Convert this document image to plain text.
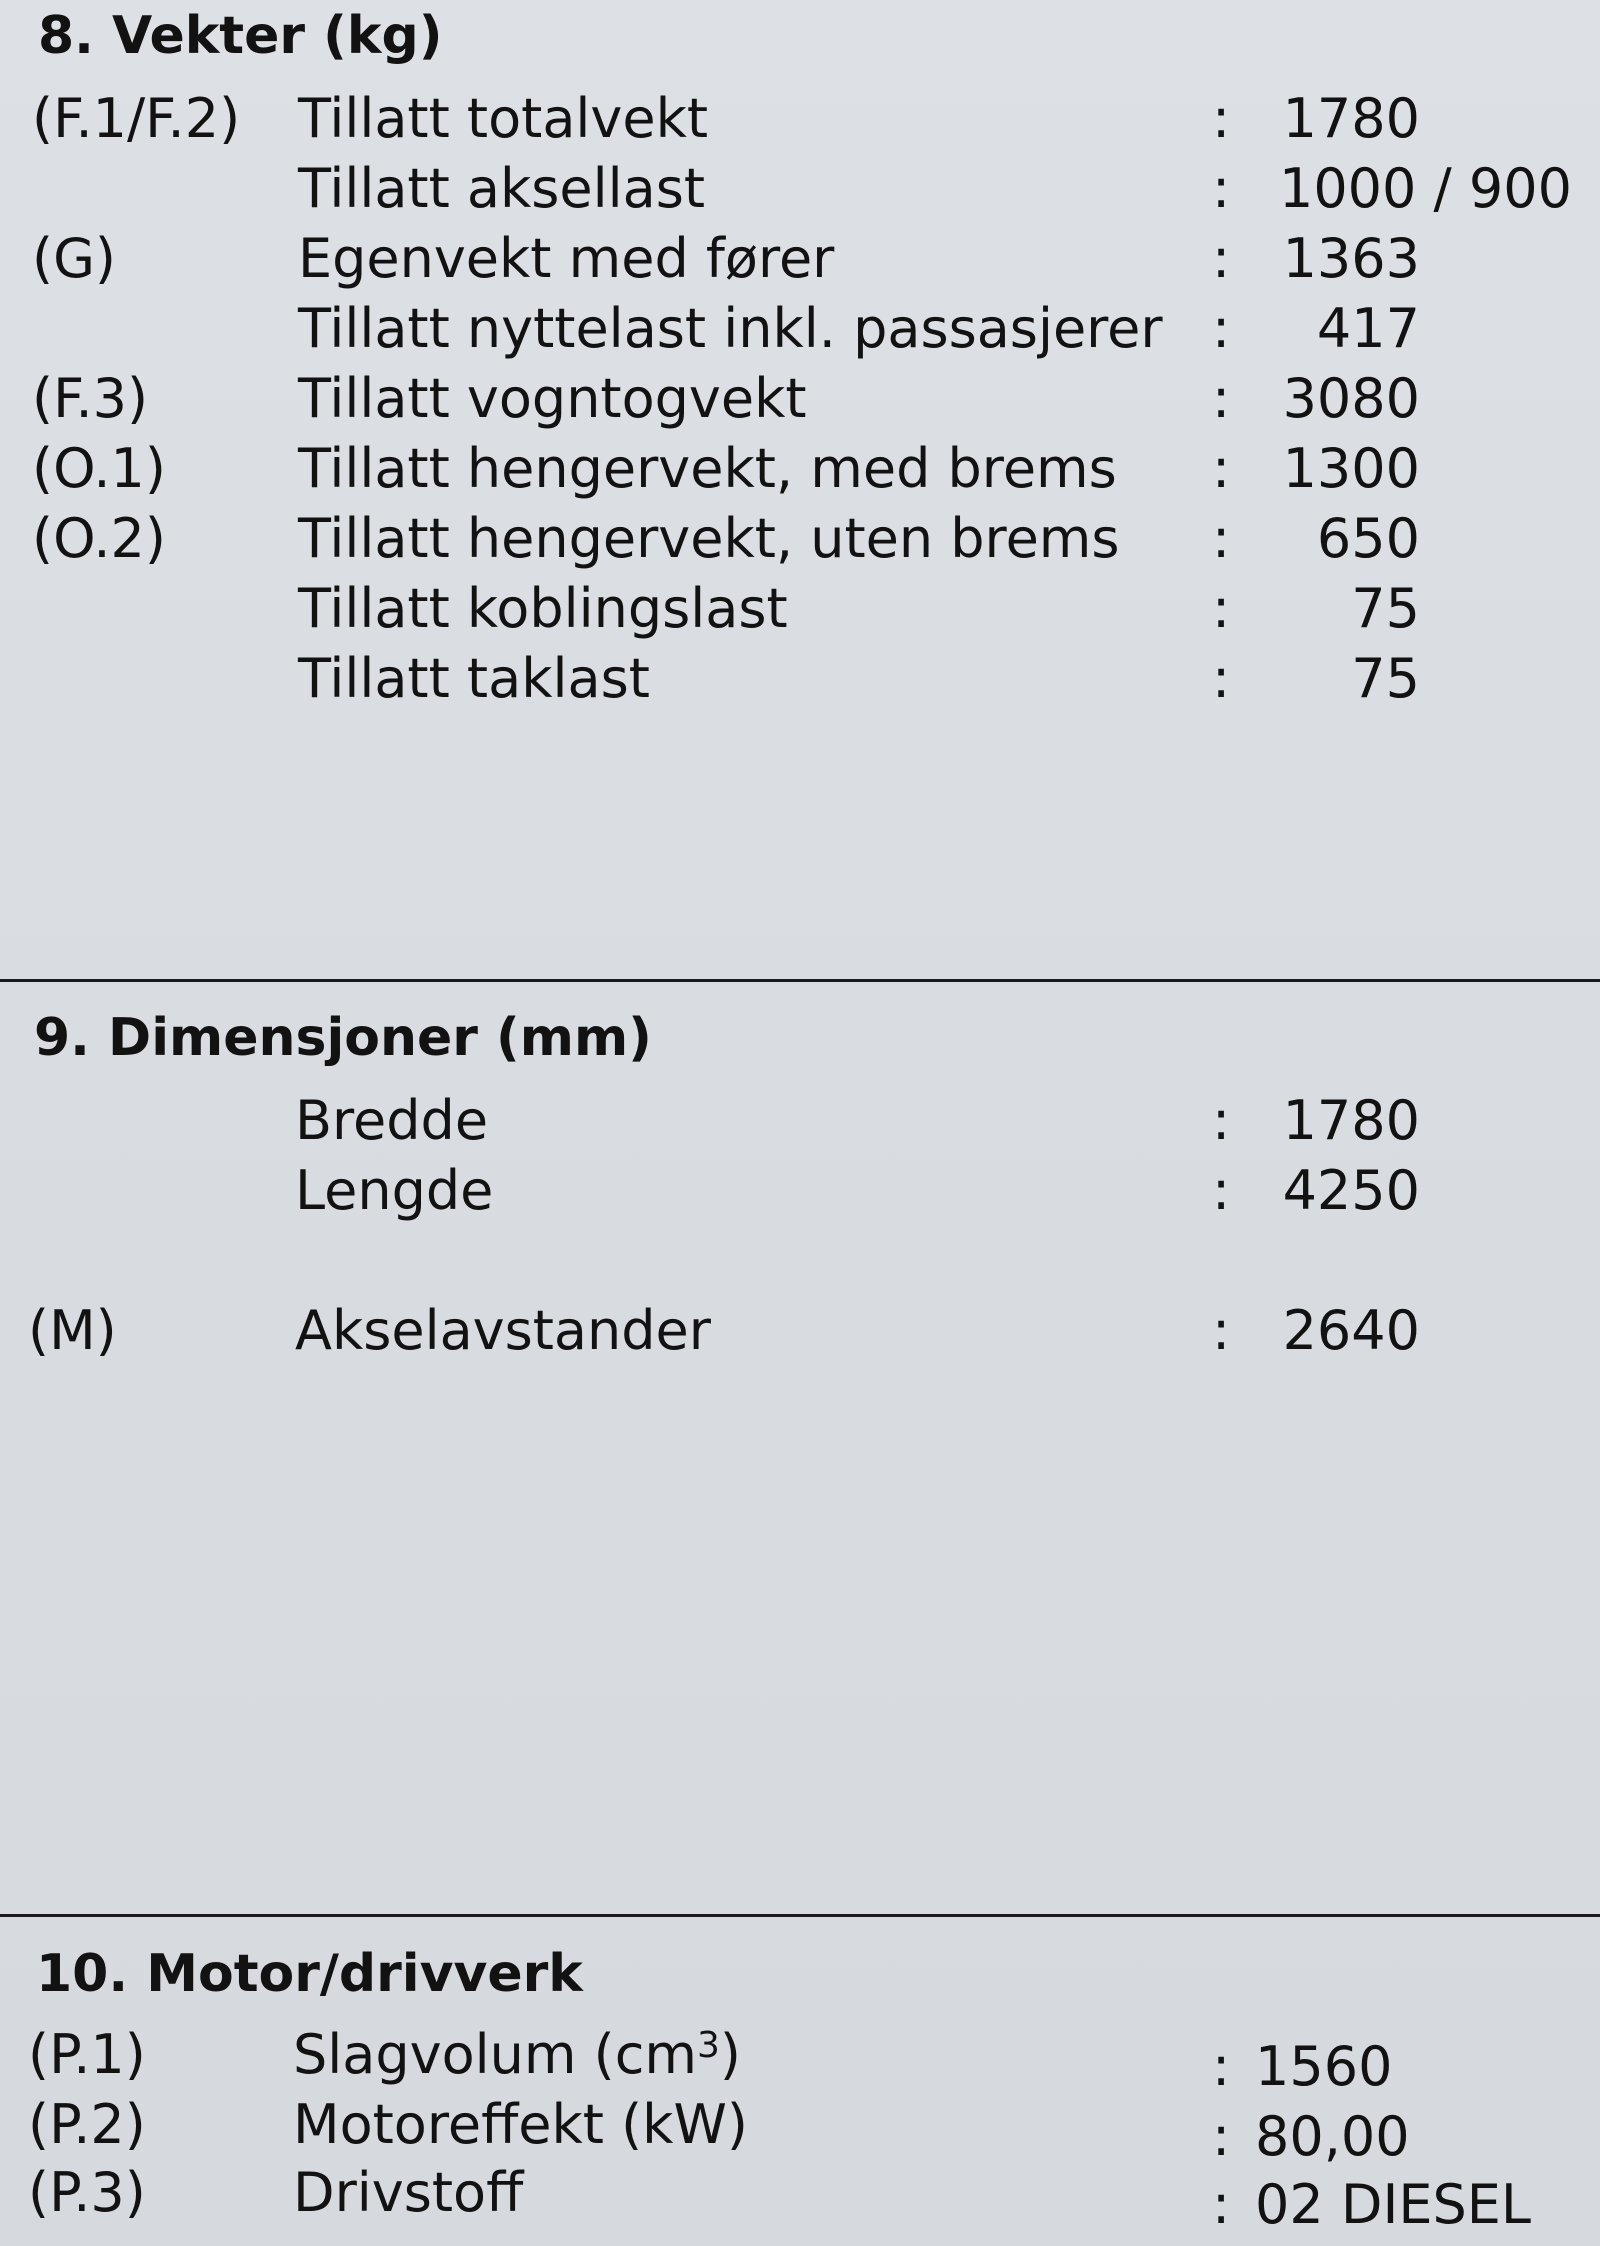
8. Vekter (kg)
(F.1/F.2) Tillatt totalvekt	: 1780
Tillatt aksellast	: 1000 / 900
(G)	Egenvekt med fører	: 1363
Tillatt nyttelast inkl. passasjerer : 417
(F.3)	Tillatt vogntogvekt	: 3080
(O.1) Tillatt hengervekt, med brems : 1300
(O.2) Tillatt hengervekt, uten brems : 650
Tillatt koblingslast	: 75
Tillatt taklast	: 75
9. Dimensjoner (mm)
Bredde	: 1780
Lengde	: 4250
(M)	Akselavstander	: 2640
10. Motor/drivverk
(P.1)	Slagvolum $(cm^3)$	: 1560
(P.2)	Motoreffekt (kW)	: 80,00
(P.3)	Drivstoff	: 02 DIESEL
